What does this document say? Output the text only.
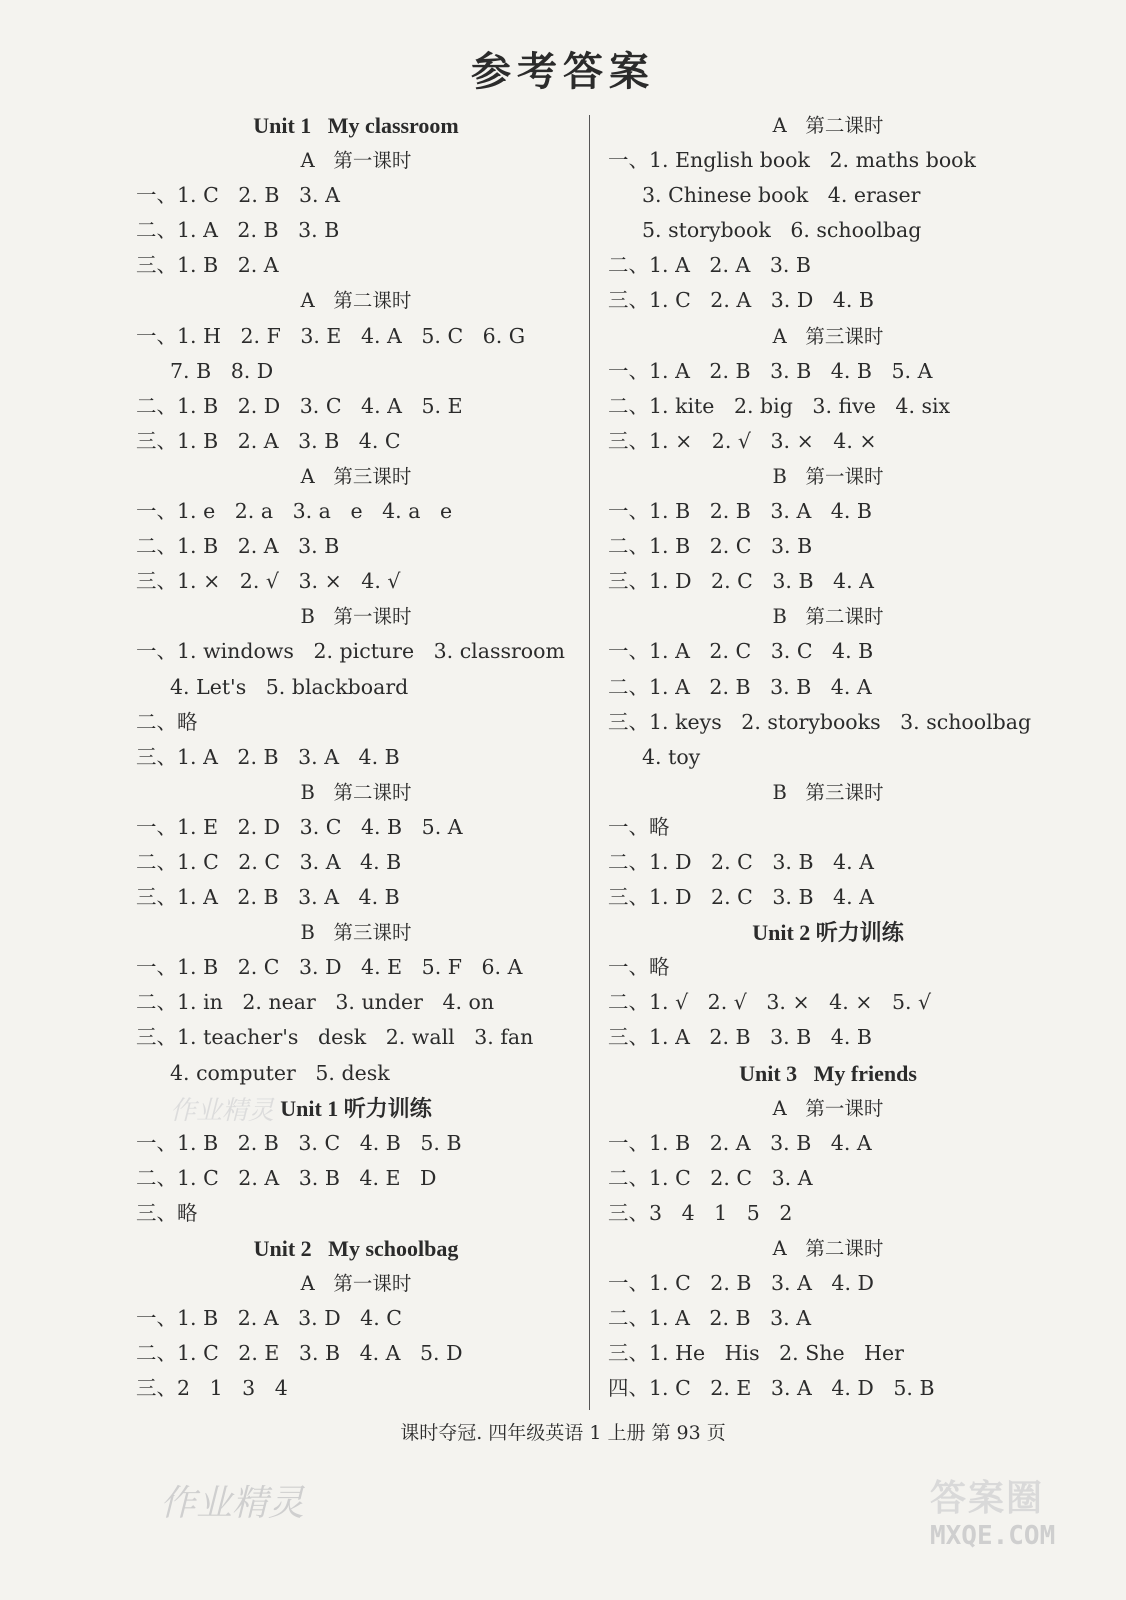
参考答案
Unit 1   My classroom
A   第一课时
一、1. C   2. B   3. A
二、1. A   2. B   3. B
三、1. B   2. A
A   第二课时
一、1. H   2. F   3. E   4. A   5. C   6. G
7. B   8. D
二、1. B   2. D   3. C   4. A   5. E
三、1. B   2. A   3. B   4. C
A   第三课时
一、1. e   2. a   3. a   e   4. a   e
二、1. B   2. A   3. B
三、1. ×   2. √   3. ×   4. √
B   第一课时
一、1. windows   2. picture   3. classroom
4. Let's   5. blackboard
二、略
三、1. A   2. B   3. A   4. B
B   第二课时
一、1. E   2. D   3. C   4. B   5. A
二、1. C   2. C   3. A   4. B
三、1. A   2. B   3. A   4. B
B   第三课时
一、1. B   2. C   3. D   4. E   5. F   6. A
二、1. in   2. near   3. under   4. on
三、1. teacher's   desk   2. wall   3. fan
4. computer   5. desk
Unit 1 听力训练
一、1. B   2. B   3. C   4. B   5. B
二、1. C   2. A   3. B   4. E   D
三、略
Unit 2   My schoolbag
A   第一课时
一、1. B   2. A   3. D   4. C
二、1. C   2. E   3. B   4. A   5. D
三、2   1   3   4
A   第二课时
一、1. English book   2. maths book
3. Chinese book   4. eraser
5. storybook   6. schoolbag
二、1. A   2. A   3. B
三、1. C   2. A   3. D   4. B
A   第三课时
一、1. A   2. B   3. B   4. B   5. A
二、1. kite   2. big   3. five   4. six
三、1. ×   2. √   3. ×   4. ×
B   第一课时
一、1. B   2. B   3. A   4. B
二、1. B   2. C   3. B
三、1. D   2. C   3. B   4. A
B   第二课时
一、1. A   2. C   3. C   4. B
二、1. A   2. B   3. B   4. A
三、1. keys   2. storybooks   3. schoolbag
4. toy
B   第三课时
一、略
二、1. D   2. C   3. B   4. A
三、1. D   2. C   3. B   4. A
Unit 2 听力训练
一、略
二、1. √   2. √   3. ×   4. ×   5. √
三、1. A   2. B   3. B   4. B
Unit 3   My friends
A   第一课时
一、1. B   2. A   3. B   4. A
二、1. C   2. C   3. A
三、3   4   1   5   2
A   第二课时
一、1. C   2. B   3. A   4. D
二、1. A   2. B   3. A
三、1. He   His   2. She   Her
四、1. C   2. E   3. A   4. D   5. B
作业精灵
课时夺冠. 四年级英语 1 上册 第 93 页
作业精灵	答案圈
MXQE.COM
